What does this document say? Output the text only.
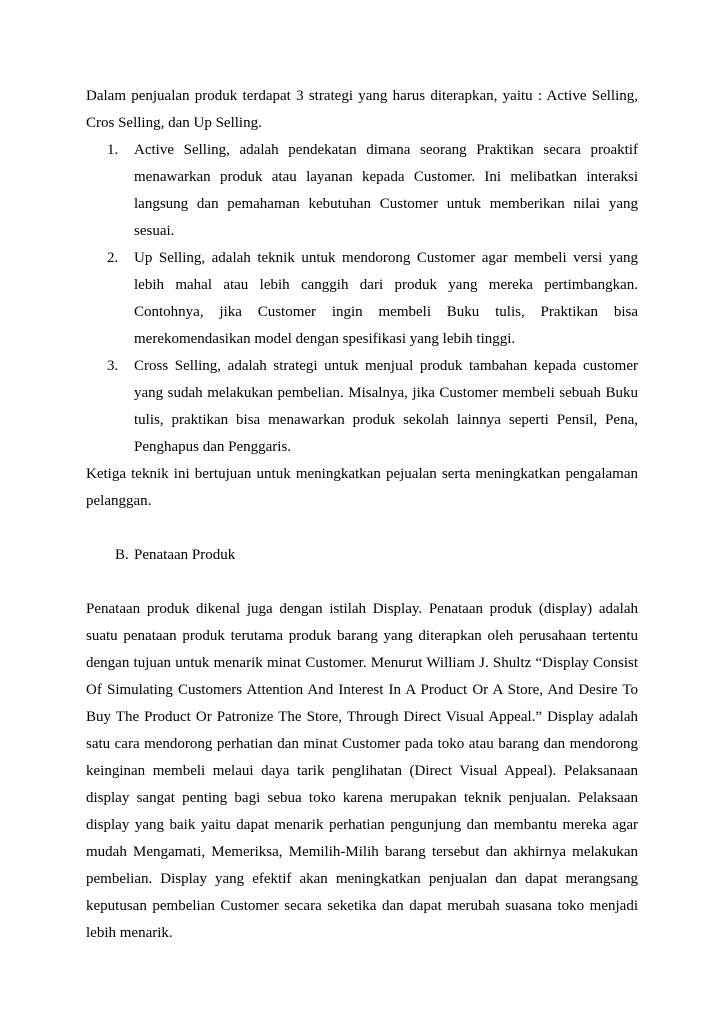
Dalam penjualan produk terdapat 3 strategi yang harus diterapkan, yaitu : Active Selling, Cros Selling, dan Up Selling.

1.	Active Selling, adalah pendekatan dimana seorang Praktikan secara proaktif menawarkan produk atau layanan kepada Customer. Ini melibatkan interaksi langsung dan pemahaman kebutuhan Customer untuk memberikan nilai yang sesuai.
2.	Up Selling, adalah teknik untuk mendorong Customer agar membeli versi yang lebih mahal atau lebih canggih dari produk yang mereka pertimbangkan. Contohnya, jika Customer ingin membeli Buku tulis, Praktikan bisa merekomendasikan model dengan spesifikasi yang lebih tinggi.
3.	Cross Selling, adalah strategi untuk menjual produk tambahan kepada customer yang sudah melakukan pembelian. Misalnya, jika Customer membeli sebuah Buku tulis, praktikan bisa menawarkan produk sekolah lainnya seperti Pensil, Pena, Penghapus dan Penggaris.

Ketiga teknik ini bertujuan untuk meningkatkan pejualan serta meningkatkan pengalaman pelanggan.

B. Penataan Produk

Penataan produk dikenal juga dengan istilah Display. Penataan produk (display) adalah suatu penataan produk terutama produk barang yang diterapkan oleh perusahaan tertentu dengan tujuan untuk menarik minat Customer. Menurut William J. Shultz “Display Consist Of Simulating Customers Attention And Interest In A Product Or A Store, And Desire To Buy The Product Or Patronize The Store, Through Direct Visual Appeal.” Display adalah satu cara mendorong perhatian dan minat Customer pada toko atau barang dan mendorong keinginan membeli melaui daya tarik penglihatan (Direct Visual Appeal). Pelaksanaan display sangat penting bagi sebua toko karena merupakan teknik penjualan. Pelaksaan display yang baik yaitu dapat menarik perhatian pengunjung dan membantu mereka agar mudah Mengamati, Memeriksa, Memilih-Milih barang tersebut dan akhirnya melakukan pembelian. Display yang efektif akan meningkatkan penjualan dan dapat merangsang keputusan pembelian Customer secara seketika dan dapat merubah suasana toko menjadi lebih menarik.
